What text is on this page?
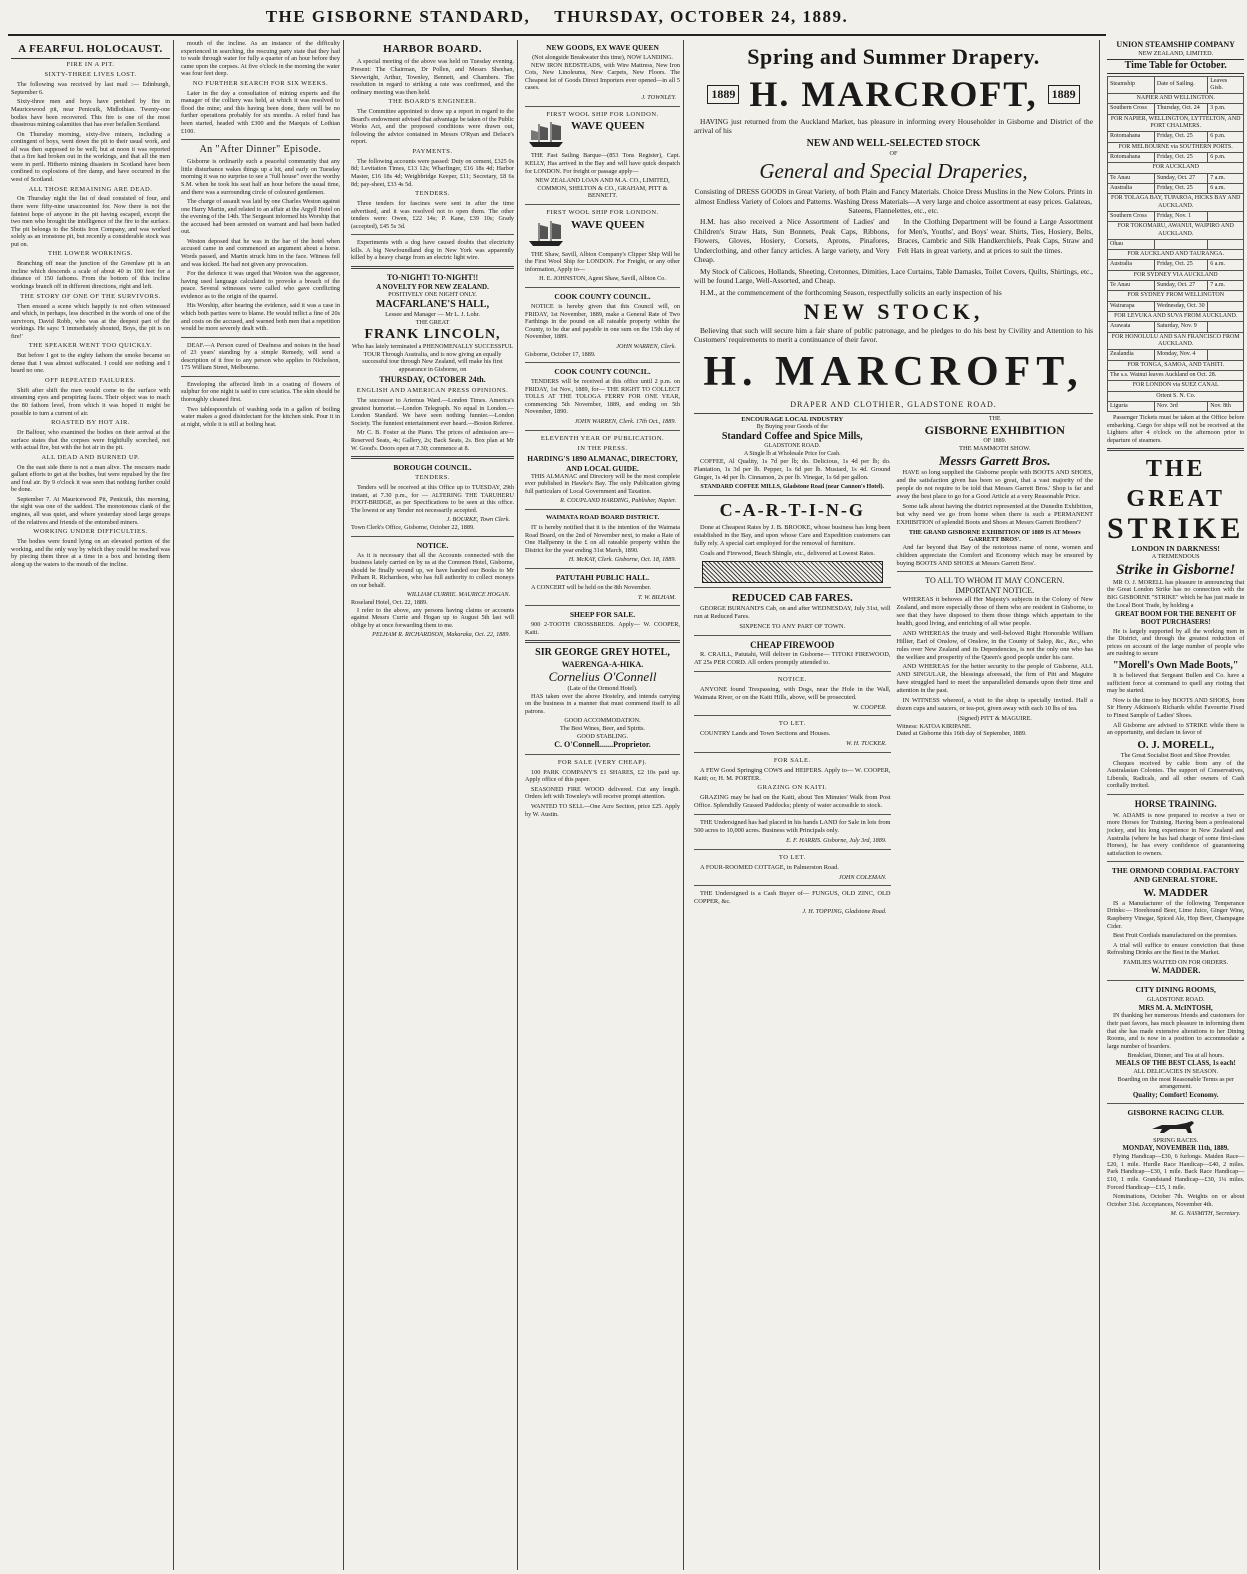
THE GISBORNE STANDARD, THURSDAY, OCTOBER 24, 1889.
A FEARFUL HOLOCAUST.
FIRE IN A PIT.
SIXTY-THREE LIVES LOST.

The following was received by last mail :— Edinburgh, September 6.

Sixty-three men and boys have perished by fire in Mauricewood pit, near Penicuik, Midlothian. Twenty-one bodies have been recovered. This fire is one of the most disastrous mining calamities that has ever befallen Scotland.

On Thursday morning, sixty-five miners, including a contingent of boys, went down the pit to their usual work, and all was then supposed to be well; but at noon it was reported that a fire had broken out in the workings, and that all the men were in peril. Hitherto mining disasters in Scotland have been confined to explosions of fire damp, and have occurred in the west of Scotland.

ALL THOSE REMAINING ARE DEAD.

On Thursday night the list of dead consisted of four, and there were fifty-nine unaccounted for. Now there is not the faintest hope of anyone in the pit having escaped, except the two men who brought the intelligence of the fire to the surface. The pit belongs to the Shotts Iron Company, and was worked solely as an ironstone pit, but recently a considerable stock was put on.

THE LOWER WORKINGS.

Branching off near the junction of the Greenlaw pit is an incline which descends a scale of about 40 in 100 feet for a distance of 150 fathoms. From the bottom of this incline workings branch off in different directions, right and left.

THE STORY OF ONE OF THE SURVIVORS.

Then ensued a scene which happily is not often witnessed and which, in perhaps, less described in the words of one of the survivors, David Robb, who was at the deepest part of the workings. He says: 'I immediately shouted, Boys, the pit is on fire!'

THE SPEAKER WENT TOO QUICKLY.

But before I got to the eighty fathom the smoke became so dense that I was almost suffocated. I could see nothing and I heard no one.

OFF REPEATED FAILURES.

Shift after shift the men would come to the surface with streaming eyes and perspiring faces. Their object was to reach the 80 fathom level, from which it was hoped it might be possible to turn a current of air.

ROASTED BY HOT AIR.

Dr Balfour, who examined the bodies on their arrival at the surface states that the corpses were frightfully scorched, not with actual fire, but with the hot air in the pit.

ALL DEAD AND BURNED UP.

On the east side there is not a man alive. The rescuers made gallant efforts to get at the bodies, but were repulsed by the fire and foul air. By 9 o'clock it was seen that nothing further could be done.

September 7. At Mauricewood Pit, Penicuik, this morning, the sight was one of the saddest. The monotonous clank of the engines, all was quiet, and where yesterday stood large groups of the relatives and friends of the entombed miners.

WORKING UNDER DIFFICULTIES.

The bodies were found lying on an elevated portion of the working, and the only way by which they could be reached was by piecing them three at a time in a box and hoisting them along up the waters to the mouth of the incline.

mouth of the incline. As an instance of the difficulty experienced in searching, the rescuing party state that they had to wade through water for fully a quarter of an hour before they came upon the corpses. At five o'clock in the morning the water was four feet deep.

NO FURTHER SEARCH FOR SIX WEEKS.

Later in the day a consultation of mining experts and the manager of the colliery was held, at which it was resolved to flood the mine; and this having been done, there will be no further operations probably for six months. A relief fund has been started, headed with £300 and the Marquis of Lothian £100.

An "After Dinner" Episode.

Gisborne is ordinarily such a peaceful community that any little disturbance wakes things up a bit, and early on Tuesday morning it was no surprise to see a "full house" over the worthy S.M. when he took his seat half an hour before the usual time, and there was a surrounding circle of coloured gentlemen.

The charge of assault was laid by one Charles Weston against one Harry Martin, and related to an affair at the Argyll Hotel on the evening of the 14th. The Sergeant informed his Worship that the accused had been arrested on warrant and had been bailed out.

Weston deposed that he was in the bar of the hotel when accused came in and commenced an argument about a horse. Words passed, and Martin struck him in the face. Witness fell and was kicked. He had not given any provocation.

For the defence it was urged that Weston was the aggressor, having used language calculated to provoke a breach of the peace. Several witnesses were called who gave conflicting evidence as to the origin of the quarrel.

His Worship, after hearing the evidence, said it was a case in which both parties were to blame. He would inflict a fine of 20s and costs on the accused, and warned both men that a repetition would be more severely dealt with.

DEAF.—A Person cured of Deafness and noises in the head of 23 years' standing by a simple Remedy, will send a description of it free to any person who applies to Nicholson, 175 William Street, Melbourne.

Enveloping the affected limb in a coating of flowers of sulphur for one night is said to cure sciatica. The skin should be thoroughly cleaned first.

Two tablespoonfuls of washing soda in a gallon of boiling water makes a good disinfectant for the kitchen sink. Pour it in at night, while it is still at boiling heat.

HARBOR BOARD.

A special meeting of the above was held on Tuesday evening. Present: The Chairman, Dr Pollen, and Messrs Sheehan, Sievwright, Arthur, Townley, Bennett, and Chambers. The resolution in regard to striking a rate was confirmed, and the ordinary meeting was then held.

THE BOARD'S ENGINEER.

The Committee appointed to draw up a report in regard to the Board's endowment advised that advantage be taken of the Public Works Act, and the proposed conditions were drawn out, following the advice contained in Messrs O'Ryan and Deface's report.

PAYMENTS.

The following accounts were passed: Duty on cement, £325 0s 8d; Levitation Times, £13 12s; Wharfinger, £16 18s 4d; Harbor Master, £16 18s 4d; Weighbridge Keeper, £11; Secretary, £8 6s 8d; pay-sheet, £33 4s 5d.

TENDERS.

Three tenders for fascines were sent in after the time advertised, and it was resolved not to open them. The other tenders were: Owen, £22 14s; P. Kane, £39 10s; Grady (accepted), £45 5s 3d.

Experiments with a dog have caused doubts that electricity kills. A big Newfoundland dog in New York was apparently killed by a heavy charge from an electric light wire.

TO-NIGHT! TO-NIGHT!!
A NOVELTY FOR NEW ZEALAND.
POSITIVELY ONE NIGHT ONLY.
MACFARLANE'S HALL,
Lessee and Manager — Mr L. J. Lohr.
THE GREAT
FRANK LINCOLN,

Who has lately terminated a PHENOMENALLY SUCCESSFUL TOUR Through Australia, and is now giving an equally successful tour through New Zealand, will make his first appearance in Gisborne, on

THURSDAY, OCTOBER 24th.
ENGLISH AND AMERICAN PRESS OPINIONS.

The successor to Artemus Ward.—London Times. America's greatest humorist.—London Telegraph. No equal in London.—London Standard. We have seen nothing funnier.—London Society. The funniest entertainment ever heard.—Boston Referee.

Mr C. B. Foster at the Piano. The prices of admission are—Reserved Seats, 4s; Gallery, 2s; Back Seats, 2s. Box plan at Mr W. Good's. Doors open at 7.30; commence at 8.

BOROUGH COUNCIL.
TENDERS.

Tenders will be received at this Office up to TUESDAY, 29th instant, at 7.30 p.m., for — ALTERING THE TARUHERU FOOT-BRIDGE, as per Specifications to be seen at this office. The lowest or any Tender not necessarily accepted.

J. BOURKE, Town Clerk.
Town Clerk's Office, Gisborne, October 22, 1889.
NOTICE.

As it is necessary that all the Accounts connected with the business lately carried on by us at the Common Hotel, Gisborne, should be finally wound up, we have handed our Books to Mr Pelham R. Richardson, who has full authority to collect moneys on our behalf.

WILLIAM CURRIE. MAURICE HOGAN.
Roseland Hotel, Oct. 22, 1889.

I refer to the above, any persons having claims or accounts against Messrs Currie and Hogan up to August 5th last will oblige by at once forwarding them to me.

PELHAM R. RICHARDSON, Makaraka, Oct. 22, 1889.
NEW GOODS, EX WAVE QUEEN
(Not alongside Breakwater this time), NOW LANDING.

NEW IRON BEDSTEADS, with Wire Mattress, New Iron Cots, New Linoleums, New Carpets, New Floors. The Cheapest lot of Goods Direct Importers ever opened—in all 5 cases.

J. TOWNLEY.
FIRST WOOL SHIP FOR LONDON.
WAVE QUEEN

THE Fast Sailing Barque—(853 Tons Register), Capt. KELLY, Has arrived in the Bay and will have quick despatch for LONDON. For freight or passage apply—

NEW ZEALAND LOAN AND M.A. CO., LIMITED, COMMON, SHELTON & CO., GRAHAM, PITT & BENNETT.
FIRST WOOL SHIP FOR LONDON.
WAVE QUEEN

THE Shaw, Savill, Albion Company's Clipper Ship Will be the First Wool Ship for LONDON. For Freight, or any other information, Apply to—

H. E. JOHNSTON, Agent Shaw, Savill, Albion Co.
COOK COUNTY COUNCIL.

NOTICE is hereby given that this Council will, on FRIDAY, 1st November, 1889, make a General Rate of Two Farthings in the pound on all rateable property within the County, to be due and payable in one sum on the 15th day of November, 1889.

JOHN WARREN, Clerk.
Gisborne, October 17, 1889.
COOK COUNTY COUNCIL.

TENDERS will be received at this office until 2 p.m. on FRIDAY, 1st Nov., 1889, for— THE RIGHT TO COLLECT TOLLS AT THE TOLOGA FERRY FOR ONE YEAR, commencing 5th November, 1889, and ending on 5th November, 1890.

JOHN WARREN, Clerk. 17th Oct., 1889.
ELEVENTH YEAR OF PUBLICATION.
IN THE PRESS.
HARDING'S 1890 ALMANAC, DIRECTORY, AND LOCAL GUIDE.

THIS ALMANAC and Directory will be the most complete ever published in Hawke's Bay. The only Publication giving full particulars of Local Government and Taxation.

R. COUPLAND HARDING, Publisher, Napier.
WAIMATA ROAD BOARD DISTRICT.

IT is hereby notified that it is the intention of the Waimata Road Board, on the 2nd of November next, to make a Rate of One Halfpenny in the £ on all rateable property within the District for the year ending 31st March, 1890.

H. McKAY, Clerk. Gisborne, Oct. 18, 1889.
PATUTAHI PUBLIC HALL.

A CONCERT will be held on the 8th November.

T. W. BILHAM.
SHEEP FOR SALE.

900 2-TOOTH CROSSBREDS. Apply— W. COOPER, Kaiti.

SIR GEORGE GREY HOTEL,
WAERENGA-A-HIKA.
Cornelius O'Connell
(Late of the Ormond Hotel).

HAS taken over the above Hostelry, and intends carrying on the business in a manner that must commend itself to all patrons.

GOOD ACCOMMODATION.
The Best Wines, Beer, and Spirits.
GOOD STABLING.
C. O'Connell.......Proprietor.
FOR SALE (VERY CHEAP).

100 PARK COMPANY'S £1 SHARES, £2 10s paid up. Apply office of this paper.

SEASONED FIRE WOOD delivered. Cut any length. Orders left with Townley's will receive prompt attention.

WANTED TO SELL—One Acre Section, price £25. Apply by W. Austin.

Spring and Summer Drapery.
1889 H. MARCROFT,	1889

HAVING just returned from the Auckland Market, has pleasure in informing every Householder in Gisborne and District of the arrival of his

NEW AND WELL-SELECTED STOCK
OF
General and Special Draperies,

Consisting of DRESS GOODS in Great Variety, of both Plain and Fancy Materials. Choice Dress Muslins in the New Colors. Prints in almost Endless Variety of Colors and Patterns. Washing Dress Materials—A very large and choice assortment at easy prices. Galateas, Sateens, Flannelettes, etc., etc.

H.M. has also received a Nice Assortment of Ladies' and Children's Straw Hats, Sun Bonnets, Peak Caps, Ribbons, Flowers, Gloves, Hosiery, Corsets, Aprons, Pinafores, Underclothing, and other fancy articles. A large variety, and Very Cheap.

In the Clothing Department will be found a Large Assortment for Men's, Youths', and Boys' wear. Shirts, Ties, Hosiery, Belts, Braces, Cambric and Silk Handkerchiefs, Peak Caps, Straw and Felt Hats in great variety, and at prices to suit the times.

My Stock of Calicoes, Hollands, Sheeting, Cretonnes, Dimities, Lace Curtains, Table Damasks, Toilet Covers, Quilts, Shirtings, etc., will be found Large, Well-Assorted, and Cheap.

H.M., at the commencement of the forthcoming Season, respectfully solicits an early inspection of his

NEW STOCK,

Believing that such will secure him a fair share of public patronage, and he pledges to do his best by Civility and Attention to his Customers' requirements to merit a continuance of their favor.

H. MARCROFT,
DRAPER AND CLOTHIER, GLADSTONE ROAD.
ENCOURAGE LOCAL INDUSTRY
By Buying your Goods of the
Standard Coffee and Spice Mills,
GLADSTONE ROAD.
A Single lb at Wholesale Price for Cash.

COFFEE, Al Quality, 1s 7d per lb; do. Delicious, 1s 4d per lb; do. Plantation, 1s 3d per lb. Pepper, 1s 6d per lb. Mustard, 1s 4d. Ground Ginger, 1s 4d per lb. Cinnamon, 2s per lb. Vinegar, 1s 6d per gallon.

STANDARD COFFEE MILLS, Gladstone Road (near Cannon's Hotel).
C-A-R-T-I-N-G

Done at Cheapest Rates by J. B. BROOKE, whose business has long been established in the Bay, and upon whose Care and Expedition customers can fully rely. A special cart employed for the removal of furniture.

Coals and Firewood, Beach Shingle, etc., delivered at Lowest Rates.

REDUCED CAB FARES.

GEORGE BURNAND'S Cab, on and after WEDNESDAY, July 31st, will run at Reduced Fares.

SIXPENCE TO ANY PART OF TOWN.
CHEAP FIREWOOD

R. CRAILL, Patutahi, Will deliver in Gisborne— TITOKI FIREWOOD, AT 25s PER CORD. All orders promptly attended to.

NOTICE.

ANYONE found Trespassing, with Dogs, near the Hole in the Wall, Waimata River, or on the Kaiti Hills, above, will be prosecuted.

W. COOPER.
TO LET.

COUNTRY Lands and Town Sections and Houses.

W. H. TUCKER.
FOR SALE.

A FEW Good Springing COWS and HEIFERS. Apply to— W. COOPER, Kaiti; or, H. M. PORTER.

GRAZING ON KAITI.

GRAZING may be had on the Kaiti, about Ten Minutes' Walk from Post Office. Splendidly Grassed Paddocks; plenty of water accessible to stock.

THE Undersigned has had placed in his hands LAND for Sale in lots from 500 acres to 10,000 acres. Business with Principals only.

E. F. HARRIS. Gisborne, July 3rd, 1889.
TO LET.

A FOUR-ROOMED COTTAGE, in Palmerston Road.

JOHN COLEMAN.

THE Undersigned is a Cash Buyer of— FUNGUS, OLD ZINC, OLD COPPER, &c.

J. H. TOPPING, Gladstone Road.
THE
GISBORNE EXHIBITION
OF 1889.
THE MAMMOTH SHOW.
Messrs Garrett Bros.

HAVE so long supplied the Gisborne people with BOOTS AND SHOES, and the satisfaction given has been so great, that a vast majority of the people do not require to be told that Messrs Garrett Bros.' Shop is far and away the best place to go for a Good Article at a very Reasonable Price.

Some talk about having the district represented at the Dunedin Exhibition, but why need we go from home when there is such a PERMANENT EXHIBITION of splendid Boots and Shoes at Messrs Garrett Brothers'?

THE GRAND GISBORNE EXHIBITION OF 1889 IS AT Messrs GARRETT BROS'.

And far beyond that Bay of the notorious name of none, women and children appreciate the Comfort and Economy which may be ensured by buying BOOTS AND SHOES at Messrs Garrett Bros'.

TO ALL TO WHOM IT MAY CONCERN.
IMPORTANT NOTICE.

WHEREAS it behoves all Her Majesty's subjects in the Colony of New Zealand, and more especially those of them who are resident in Gisborne, to see that they have disposed to them those things which appertain to the health, good living, and enriching of all wise people.

AND WHEREAS the trusty and well-beloved Right Honorable William Hillier, Earl of Onslow, of Onslow, in the County of Salop, &c., &c., who rules over New Zealand and its Dependencies, is not the only one who has the welfare and prosperity of the Queen's good people under his care.

AND WHEREAS for the better security to the people of Gisborne, ALL AND SINGULAR, the blessings aforesaid, the firm of Pitt and Maguire have struggled hard to meet the unparalleled demands upon their time and attention in the past.

IN WITNESS whereof, a visit to the shop is specially invited. Half a dozen cups and saucers, or tea-pot, given away with each 10 lbs of tea.

(Signed) PITT & MAGUIRE.
Witness: KATOA KIRIPANE.
Dated at Gisborne this 16th day of September, 1889.
UNION STEAMSHIP COMPANY
NEW ZEALAND, LIMITED.
Time Table for October.
Steamship	Date of Sailing.	Leaves Gisb.
NAPIER AND WELLINGTON.		
Southern Cross	Thursday, Oct. 24	3 p.m.
FOR NAPIER, WELLINGTON, LYTTELTON, AND PORT CHALMERS.		
Rotomahana	Friday, Oct. 25	6 p.m.
FOR MELBOURNE via SOUTHERN PORTS.		
Rotomahana	Friday, Oct. 25	6 p.m.
FOR AUCKLAND		
Te Anau	Sunday, Oct. 27	7 a.m.
Australia	Friday, Oct. 25	6 a.m.
FOR TOLAGA BAY, TUPAROA, HICKS BAY AND AUCKLAND.		
Southern Cross	Friday, Nov. 1	
FOR TOKOMARU, AWANUI, WAIPIRO AND AUCKLAND.		
Ohau		
FOR AUCKLAND AND TAURANGA.		
Australia	Friday, Oct. 25	6 a.m.
FOR SYDNEY VIA AUCKLAND		
Te Anau	Sunday, Oct. 27	7 a.m.
FOR SYDNEY FROM WELLINGTON		
Wairarapa	Wednesday, Oct. 30	
FOR LEVUKA AND SUVA FROM AUCKLAND.		
Arawata	Saturday, Nov. 9	
FOR HONOLULU AND SAN FRANCISCO FROM AUCKLAND.		
Zealandia	Monday, Nov. 4	
FOR TONGA, SAMOA, AND TAHITI.		
The s.s. Wainui leaves Auckland on Oct. 28.		
FOR LONDON via SUEZ CANAL		
Orient S. N. Co.		
Liguria	Nov. 3rd	Nov. 8th

Passenger Tickets must be taken at the Office before embarking. Cargo for ships will not be received at the Lighters after 4 o'clock on the afternoon prior to departure of steamers.

THE GREAT
STRIKE
LONDON IN DARKNESS!
A TREMENDOUS
Strike in Gisborne!

MR O. J. MORELL has pleasure in announcing that the Great London Strike has no connection with the BIG GISBORNE "STRIKE" which he has just made in the Local Boot Trade, by holding a

GREAT BOOM FOR THE BENEFIT OF BOOT PURCHASERS!

He is largely supported by all the working men in the District, and through the greatest reduction of prices on account of the large number of people who are rushing to secure

"Morell's Own Made Boots,"

It is believed that Sergeant Bullen and Co. have a sufficient force at command to quell any rioting that may be started.

Now is the time to buy BOOTS AND SHOES, from Sir Henry Atkinson's Richards whilst Favourite Fixed to Finest Sample of Ladies' Shoes.

All Gisborne are advised to STRIKE while there is an opportunity, and declare in favor of

O. J. MORELL,
The Great Socialist Boot and Shoe Provider.

Cheques received by cable from any of the Australasian Colonies. The support of Conservatives, Liberals, Radicals, and all other owners of Cash cordially invited.

HORSE TRAINING.

W. ADAMS is now prepared to receive a two or more Horses for Training. Having been a professional jockey, and his long experience in New Zealand and Australia (where he has had charge of some first-class Horses), he has every confidence of guaranteeing satisfaction to owners.

THE ORMOND CORDIAL FACTORY AND GENERAL STORE.
W. MADDER

IS a Manufacturer of the following Temperance Drinks:— Horehound Beer, Lime Juice, Ginger Wine, Raspberry Vinegar, Spiced Ale, Hop Beer, Champagne Cider.

Best Fruit Cordials manufactured on the premises.

A trial will suffice to ensure conviction that these Refreshing Drinks are the Best in the Market.

FAMILIES WAITED ON FOR ORDERS.
W. MADDER.
CITY DINING ROOMS,
GLADSTONE ROAD.
MRS M. A. McINTOSH,

IN thanking her numerous friends and customers for their past favors, has much pleasure in informing them that she has made extensive alterations to her Dining Rooms, and is now in a position to accommodate a large number of boarders.

Breakfast, Dinner, and Tea at all hours.
MEALS OF THE BEST CLASS, 1s each!
ALL DELICACIES IN SEASON.
Boarding on the most Reasonable Terms as per arrangement.
Quality; Comfort! Economy.
GISBORNE RACING CLUB.
SPRING RACES.
MONDAY, NOVEMBER 11th, 1889.

Flying Handicap—£30, 6 furlongs. Maiden Race—£20, 1 mile. Hurdle Race Handicap—£40, 2 miles. Park Handicap—£30, 1 mile. Back Race Handicap—£10, 1 mile. Grandstand Handicap—£30, 1¼ miles. Forced Handicap—£15, 1 mile.

Nominations, October 7th. Weights on or about October 31st. Acceptances, November 4th.

M. G. NASMITH, Secretary.
